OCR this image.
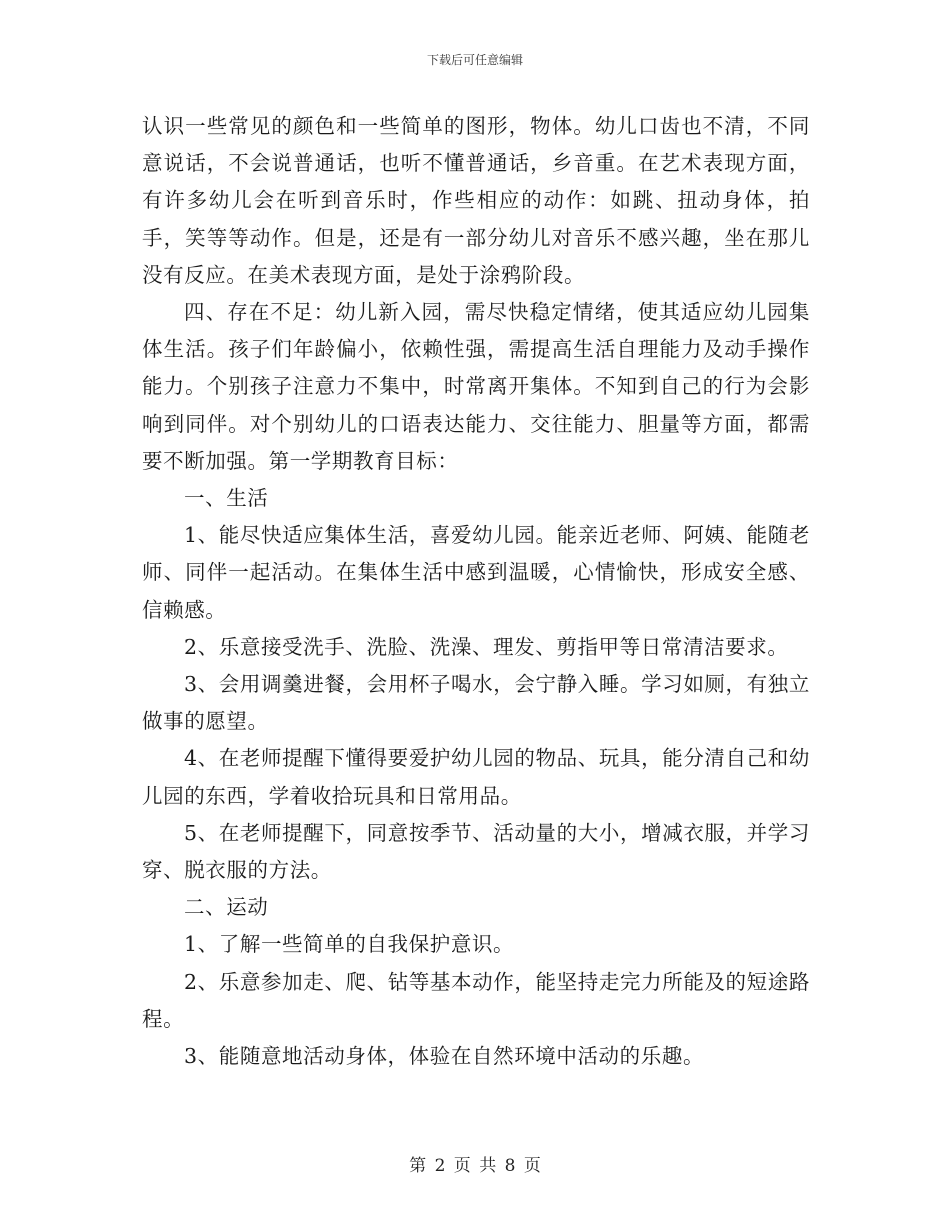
下载后可任意编辑

认识一些常见的颜色和一些简单的图形，物体。幼儿口齿也不清，不同意说话，不会说普通话，也听不懂普通话，乡音重。在艺术表现方面，有许多幼儿会在听到音乐时，作些相应的动作：如跳、扭动身体，拍手，笑等等动作。但是，还是有一部分幼儿对音乐不感兴趣，坐在那儿没有反应。在美术表现方面，是处于涂鸦阶段。

四、存在不足：幼儿新入园，需尽快稳定情绪，使其适应幼儿园集体生活。孩子们年龄偏小，依赖性强，需提高生活自理能力及动手操作能力。个别孩子注意力不集中，时常离开集体。不知到自己的行为会影响到同伴。对个别幼儿的口语表达能力、交往能力、胆量等方面，都需要不断加强。第一学期教育目标：

一、生活

1、能尽快适应集体生活，喜爱幼儿园。能亲近老师、阿姨、能随老师、同伴一起活动。在集体生活中感到温暖，心情愉快，形成安全感、信赖感。

2、乐意接受洗手、洗脸、洗澡、理发、剪指甲等日常清洁要求。

3、会用调羹进餐，会用杯子喝水，会宁静入睡。学习如厕，有独立做事的愿望。

4、在老师提醒下懂得要爱护幼儿园的物品、玩具，能分清自己和幼儿园的东西，学着收拾玩具和日常用品。

5、在老师提醒下，同意按季节、活动量的大小，增减衣服，并学习穿、脱衣服的方法。

二、运动

1、了解一些简单的自我保护意识。

2、乐意参加走、爬、钻等基本动作，能坚持走完力所能及的短途路程。

3、能随意地活动身体，体验在自然环境中活动的乐趣。

第 2 页 共 8 页
